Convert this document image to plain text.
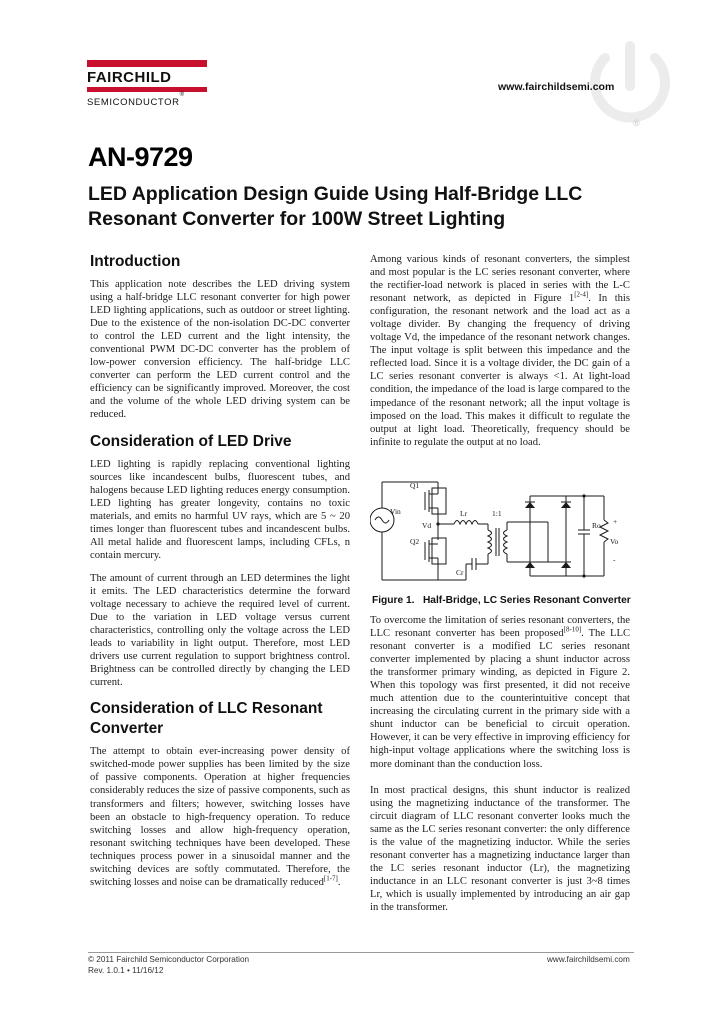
®
FAIRCHILD
SEMICONDUCTOR®
www.fairchildsemi.com
AN-9729
LED Application Design Guide Using Half-Bridge LLC
Resonant Converter for 100W Street Lighting
Introduction
This application note describes the LED driving system using a half-bridge LLC resonant converter for high power LED lighting applications, such as outdoor or street lighting. Due to the existence of the non-isolation DC-DC converter to control the LED current and the light intensity, the conventional PWM DC-DC converter has the problem of low-power conversion efficiency. The half-bridge LLC converter can perform the LED current control and the efficiency can be significantly improved. Moreover, the cost and the volume of the whole LED driving system can be reduced.
Consideration of LED Drive
LED lighting is rapidly replacing conventional lighting sources like incandescent bulbs, fluorescent tubes, and halogens because LED lighting reduces energy consumption. LED lighting has greater longevity, contains no toxic materials, and emits no harmful UV rays, which are 5 ~ 20 times longer than fluorescent tubes and incandescent bulbs. All metal halide and fluorescent lamps, including CFLs, n contain mercury.
The amount of current through an LED determines the light it emits. The LED characteristics determine the forward voltage necessary to achieve the required level of current. Due to the variation in LED voltage versus current characteristics, controlling only the voltage across the LED leads to variability in light output. Therefore, most LED drivers use current regulation to support brightness control. Brightness can be controlled directly by changing the LED current.
Consideration of LLC Resonant
Converter
The attempt to obtain ever-increasing power density of switched-mode power supplies has been limited by the size of passive components. Operation at higher frequencies considerably reduces the size of passive components, such as transformers and filters; however, switching losses have been an obstacle to high-frequency operation. To reduce switching losses and allow high-frequency operation, resonant switching techniques have been developed. These techniques process power in a sinusoidal manner and the switching devices are softly commutated. Therefore, the switching losses and noise can be dramatically reduced[1-7].
Among various kinds of resonant converters, the simplest and most popular is the LC series resonant converter, where the rectifier-load network is placed in series with the L-C resonant network, as depicted in Figure 1[2-4]. In this configuration, the resonant network and the load act as a voltage divider. By changing the frequency of driving voltage Vd, the impedance of the resonant network changes. The input voltage is split between this impedance and the reflected load. Since it is a voltage divider, the DC gain of a LC series resonant converter is always <1. At light-load condition, the impedance of the load is large compared to the impedance of the resonant network; all the input voltage is imposed on the load. This makes it difficult to regulate the output at light load. Theoretically, frequency should be infinite to regulate the output at no load.
Vin
Q1
Q2
Lr
Vd
Cr
1:1
Ro
Vo
+
-
Figure 1.   Half-Bridge, LC Series Resonant Converter
To overcome the limitation of series resonant converters, the LLC resonant converter has been proposed[8-10]. The LLC resonant converter is a modified LC series resonant converter implemented by placing a shunt inductor across the transformer primary winding, as depicted in Figure 2. When this topology was first presented, it did not receive much attention due to the counterintuitive concept that increasing the circulating current in the primary side with a shunt inductor can be beneficial to circuit operation. However, it can be very effective in improving efficiency for high-input voltage applications where the switching loss is more dominant than the conduction loss.
In most practical designs, this shunt inductor is realized using the magnetizing inductance of the transformer. The circuit diagram of LLC resonant converter looks much the same as the LC series resonant converter: the only difference is the value of the magnetizing inductor. While the series resonant converter has a magnetizing inductance larger than the LC series resonant inductor (Lr), the magnetizing inductance in an LLC resonant converter is just 3~8 times Lr, which is usually implemented by introducing an air gap in the transformer.
© 2011 Fairchild Semiconductor Corporation
Rev. 1.0.1 • 11/16/12
www.fairchildsemi.com
